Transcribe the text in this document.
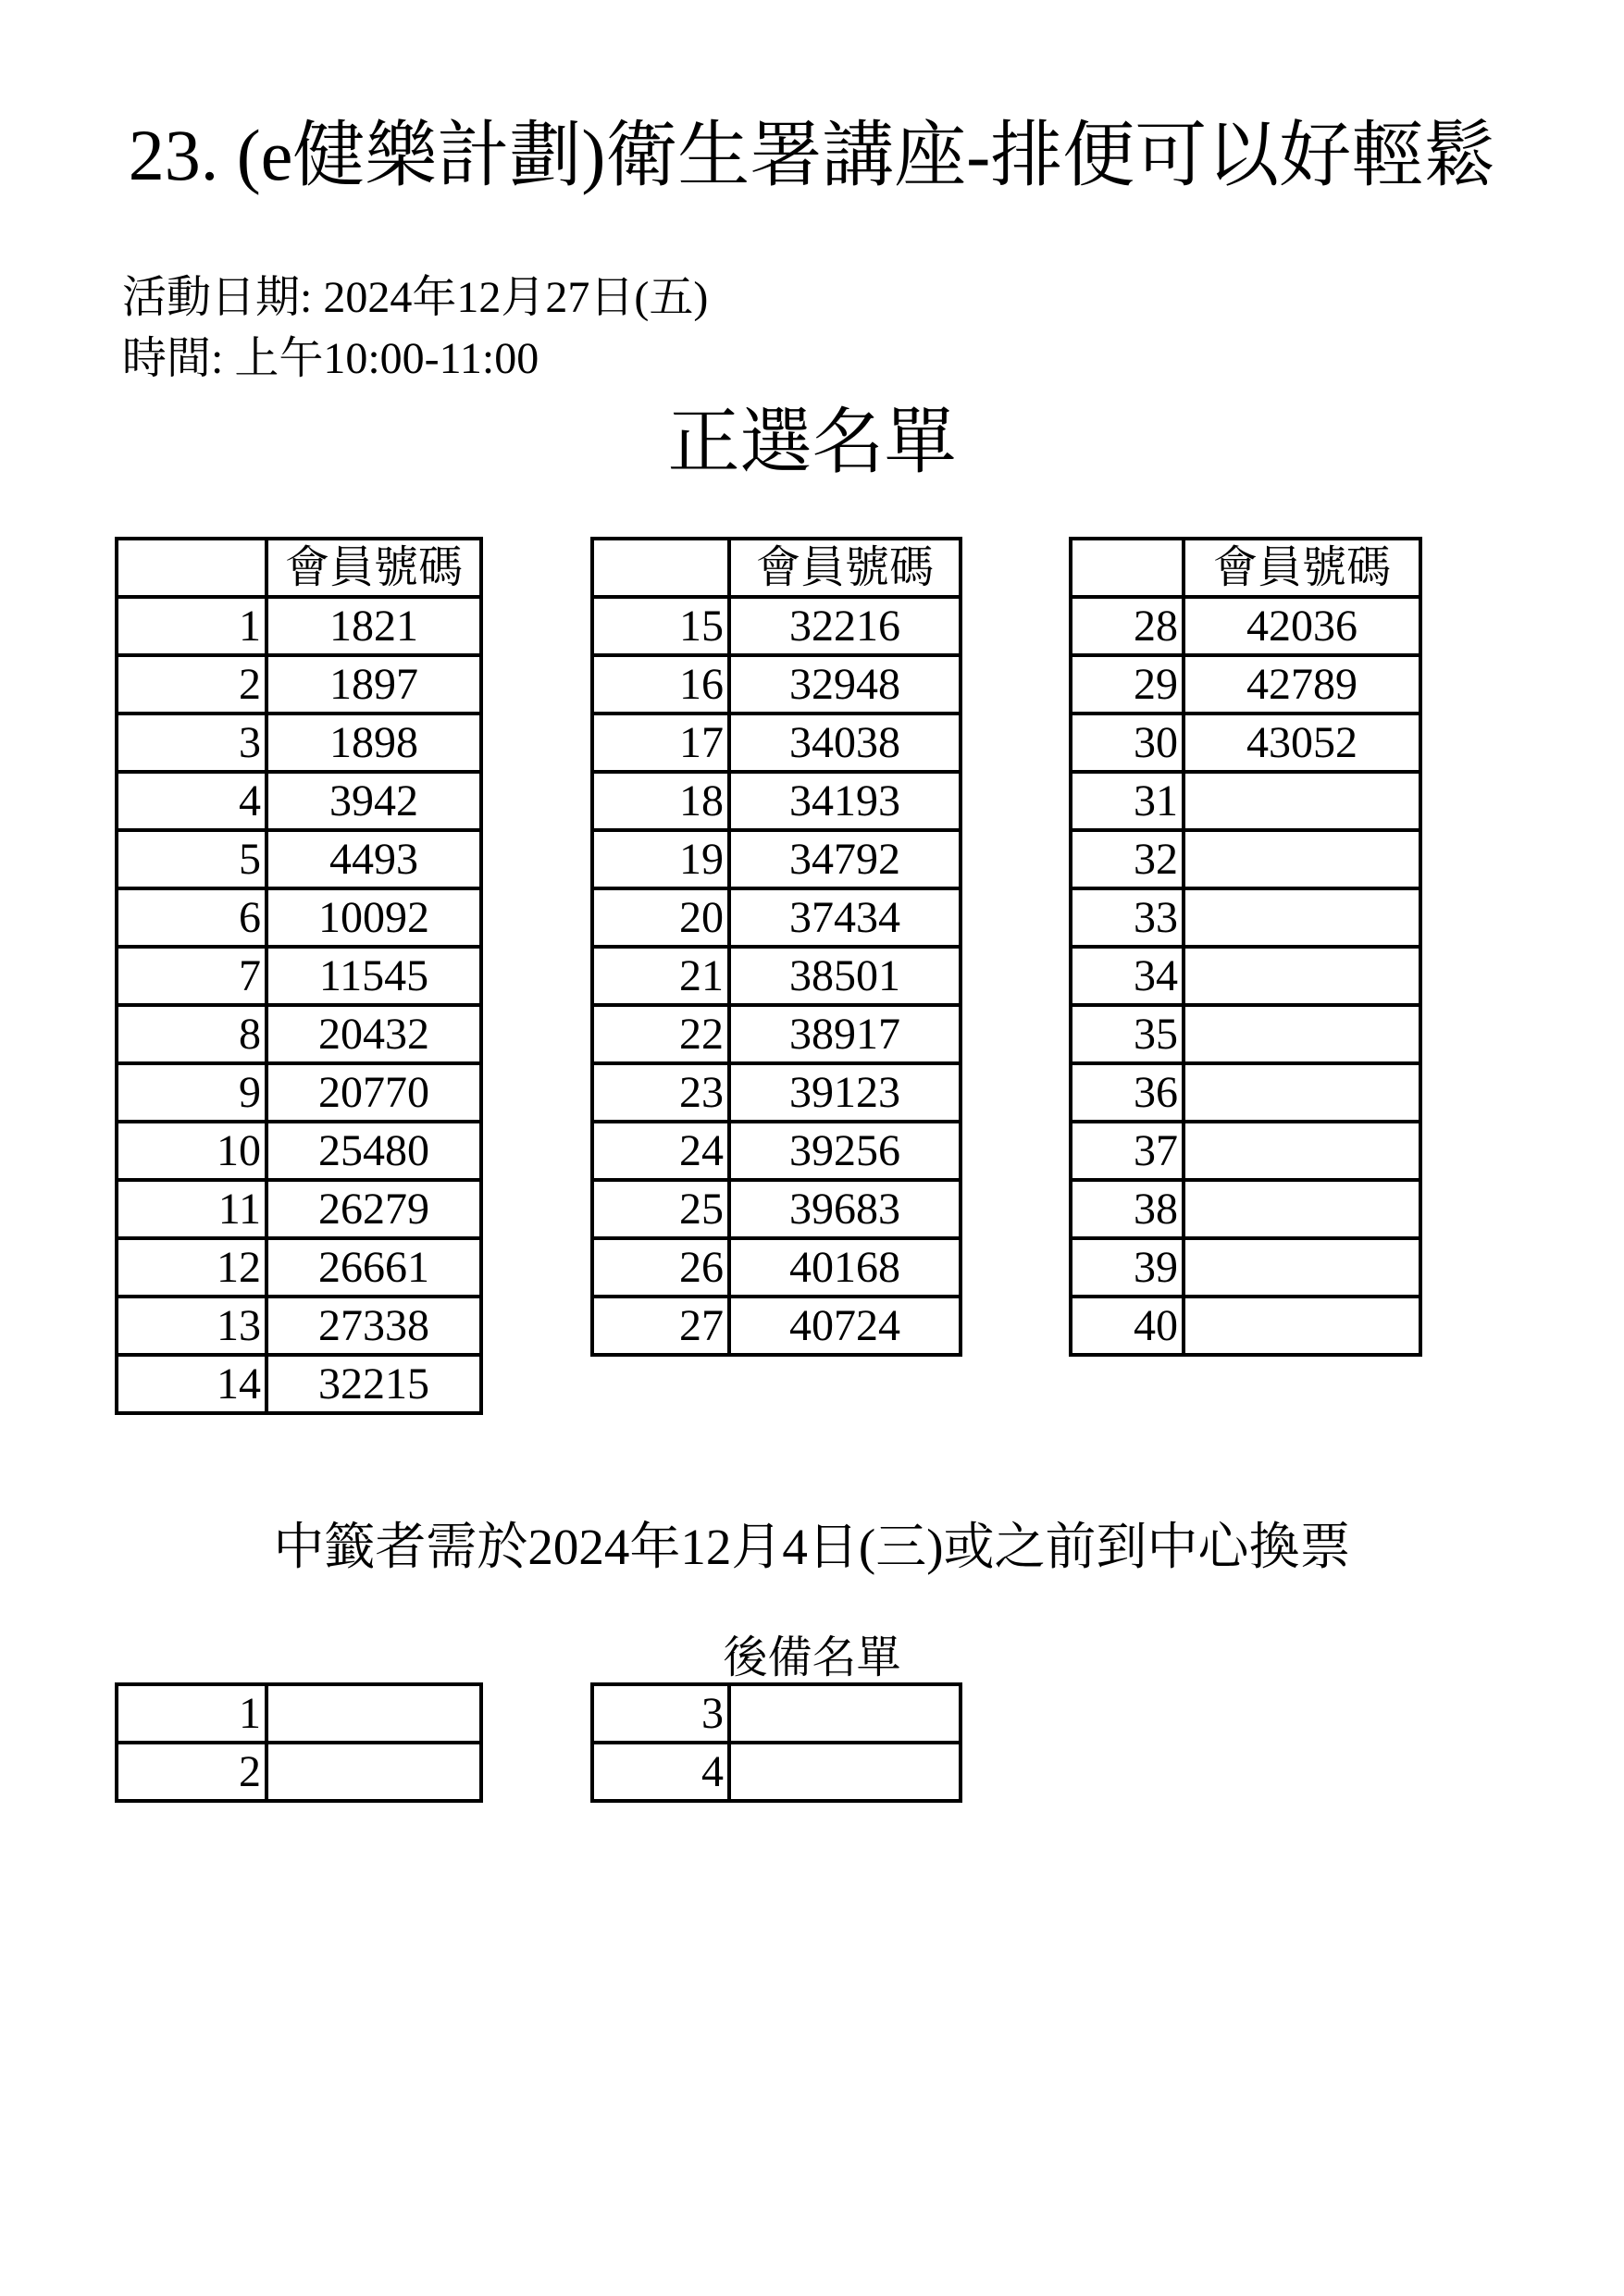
23. (e健樂計劃)衛生署講座-排便可以好輕鬆
活動日期: 2024年12月27日(五)
時間: 上午10:00-11:00
正選名單
	會員號碼
1	1821
2	1897
3	1898
4	3942
5	4493
6	10092
7	11545
8	20432
9	20770
10	25480
11	26279
12	26661
13	27338
14	32215
	會員號碼
15	32216
16	32948
17	34038
18	34193
19	34792
20	37434
21	38501
22	38917
23	39123
24	39256
25	39683
26	40168
27	40724
	會員號碼
28	42036
29	42789
30	43052
31	
32	
33	
34	
35	
36	
37	
38	
39	
40	
中籤者需於2024年12月4日(三)或之前到中心換票
後備名單
1	
2	
3	
4	
